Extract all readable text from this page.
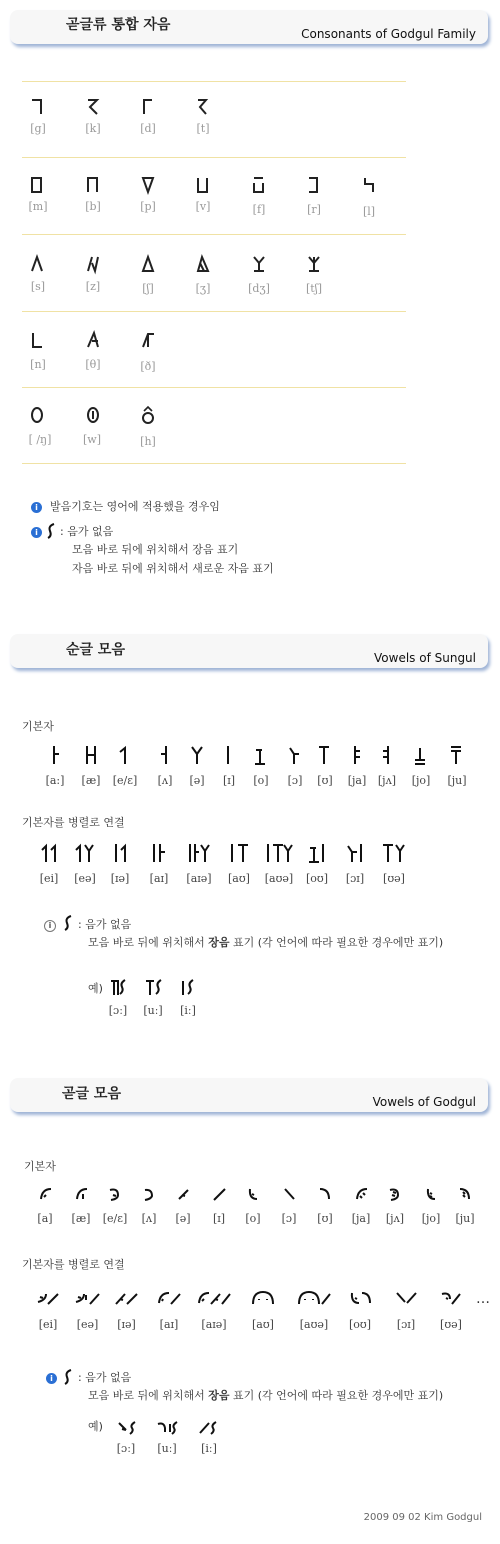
곧글류 통합 자음
Consonants of Godgul Family
순글 모음	Vowels of Sungul
곧글 모음	Vowels of Godgul
[g]	[k]	[d]	[t]
[m]	[b]	[p]	[v]	[f]	[r]	[l]
[s]	[z]	[ʃ]	[ʒ]	[dʒ]	[tʃ]
[n]	[θ]	[ð]
[ /ŋ]	[w]	[h]
i	발음기호는 영어에 적용했을 경우임
i	: 음가 없음
모음 바로 뒤에 위치해서 장음 표기
자음 바로 뒤에 위치해서 새로운 자음 표기
기본자
[a:]	[æ]	[e/ɛ]	[ʌ]	[ə]	[ɪ]	[o]	[ɔ]	[ʊ]	[ja]	[jʌ]	[jo]	[ju]
기본자를 병렬로 연결
[ei]	[eə]	[ɪə]	[aɪ]	[aɪə]	[aʊ]	[aʊə]	[oʊ]	[ɔɪ]	[ʊə]
i	: 음가 없음
모음 바로 뒤에 위치해서 장음 표기 (각 언어에 따라 필요한 경우에만 표기)
예)
[ɔː]	[uː]	[iː]
기본자
[a]	[æ]	[e/ɛ]	[ʌ]	[ə]	[ɪ]	[o]	[ɔ]	[ʊ]	[ja]	[jʌ]	[jo]	[ju]
기본자를 병렬로 연결
[ei]	[eə]	[ɪə]	[aɪ]	[aɪə]	[aʊ]	[aʊə]	[oʊ]	[ɔɪ]	[ʊə]
…
i	: 음가 없음
모음 바로 뒤에 위치해서 장음 표기 (각 언어에 따라 필요한 경우에만 표기)
예)
[ɔː]	[uː]	[iː]
2009 09 02 Kim Godgul
